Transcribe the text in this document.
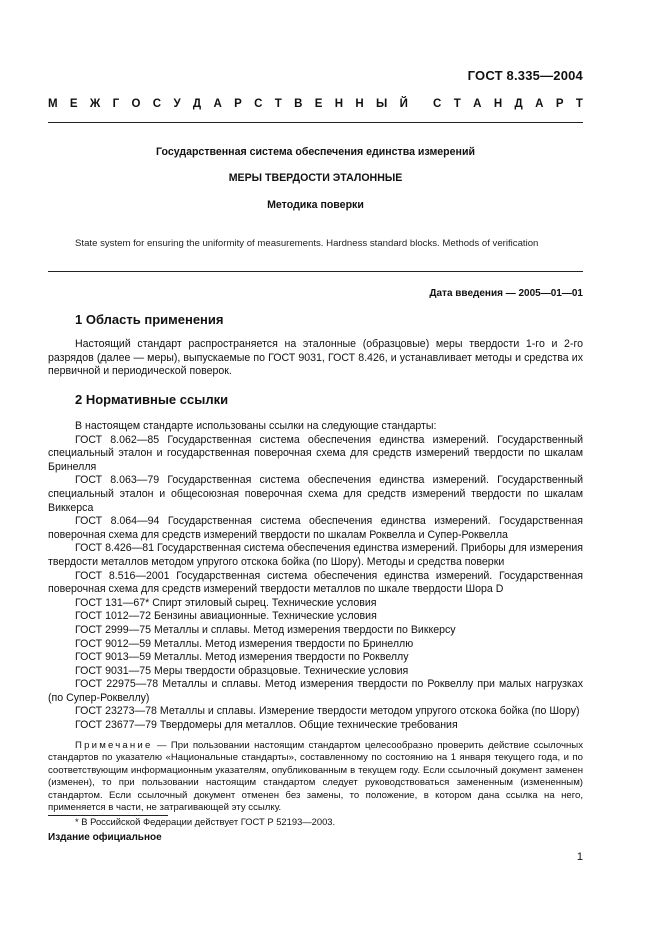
ГОСТ 8.335—2004
М Е Ж Г О С У Д А Р С Т В Е Н Н Ы Й С Т А Н Д А Р Т
Государственная система обеспечения единства измерений
МЕРЫ ТВЕРДОСТИ ЭТАЛОННЫЕ
Методика поверки
State system for ensuring the uniformity of measurements. Hardness standard blocks. Methods of verification
Дата введения — 2005—01—01
1 Область применения
Настоящий стандарт распространяется на эталонные (образцовые) меры твердости 1-го и 2-го разрядов (далее — меры), выпускаемые по ГОСТ 9031, ГОСТ 8.426, и устанавливает методы и средства их первичной и периодической поверок.
2 Нормативные ссылки

В настоящем стандарте использованы ссылки на следующие стандарты:

ГОСТ 8.062—85 Государственная система обеспечения единства измерений. Государственный специальный эталон и государственная поверочная схема для средств измерений твердости по шкалам Бринелля

ГОСТ 8.063—79 Государственная система обеспечения единства измерений. Государственный специальный эталон и общесоюзная поверочная схема для средств измерений твердости по шкалам Виккерса

ГОСТ 8.064—94 Государственная система обеспечения единства измерений. Государственная поверочная схема для средств измерений твердости по шкалам Роквелла и Супер-Роквелла

ГОСТ 8.426—81 Государственная система обеспечения единства измерений. Приборы для измерения твердости металлов методом упругого отскока бойка (по Шору). Методы и средства поверки

ГОСТ 8.516—2001 Государственная система обеспечения единства измерений. Государственная поверочная схема для средств измерений твердости металлов по шкале твердости Шора D

ГОСТ 131—67* Спирт этиловый сырец. Технические условия

ГОСТ 1012—72 Бензины авиационные. Технические условия

ГОСТ 2999—75 Металлы и сплавы. Метод измерения твердости по Виккерсу

ГОСТ 9012—59 Металлы. Метод измерения твердости по Бринеллю

ГОСТ 9013—59 Металлы. Метод измерения твердости по Роквеллу

ГОСТ 9031—75 Меры твердости образцовые. Технические условия

ГОСТ 22975—78 Металлы и сплавы. Метод измерения твердости по Роквеллу при малых нагрузках (по Супер-Роквеллу)

ГОСТ 23273—78 Металлы и сплавы. Измерение твердости методом упругого отскока бойка (по Шору)

ГОСТ 23677—79 Твердомеры для металлов. Общие технические требования

Примечание — При пользовании настоящим стандартом целесообразно проверить действие ссылочных стандартов по указателю «Национальные стандарты», составленному по состоянию на 1 января текущего года, и по соответствующим информационным указателям, опубликованным в текущем году. Если ссылочный документ заменен (изменен), то при пользовании настоящим стандартом следует руководствоваться замененным (измененным) стандартом. Если ссылочный документ отменен без замены, то положение, в котором дана ссылка на него, применяется в части, не затрагивающей эту ссылку.
* В Российской Федерации действует ГОСТ Р 52193—2003.
Издание официальное
1
